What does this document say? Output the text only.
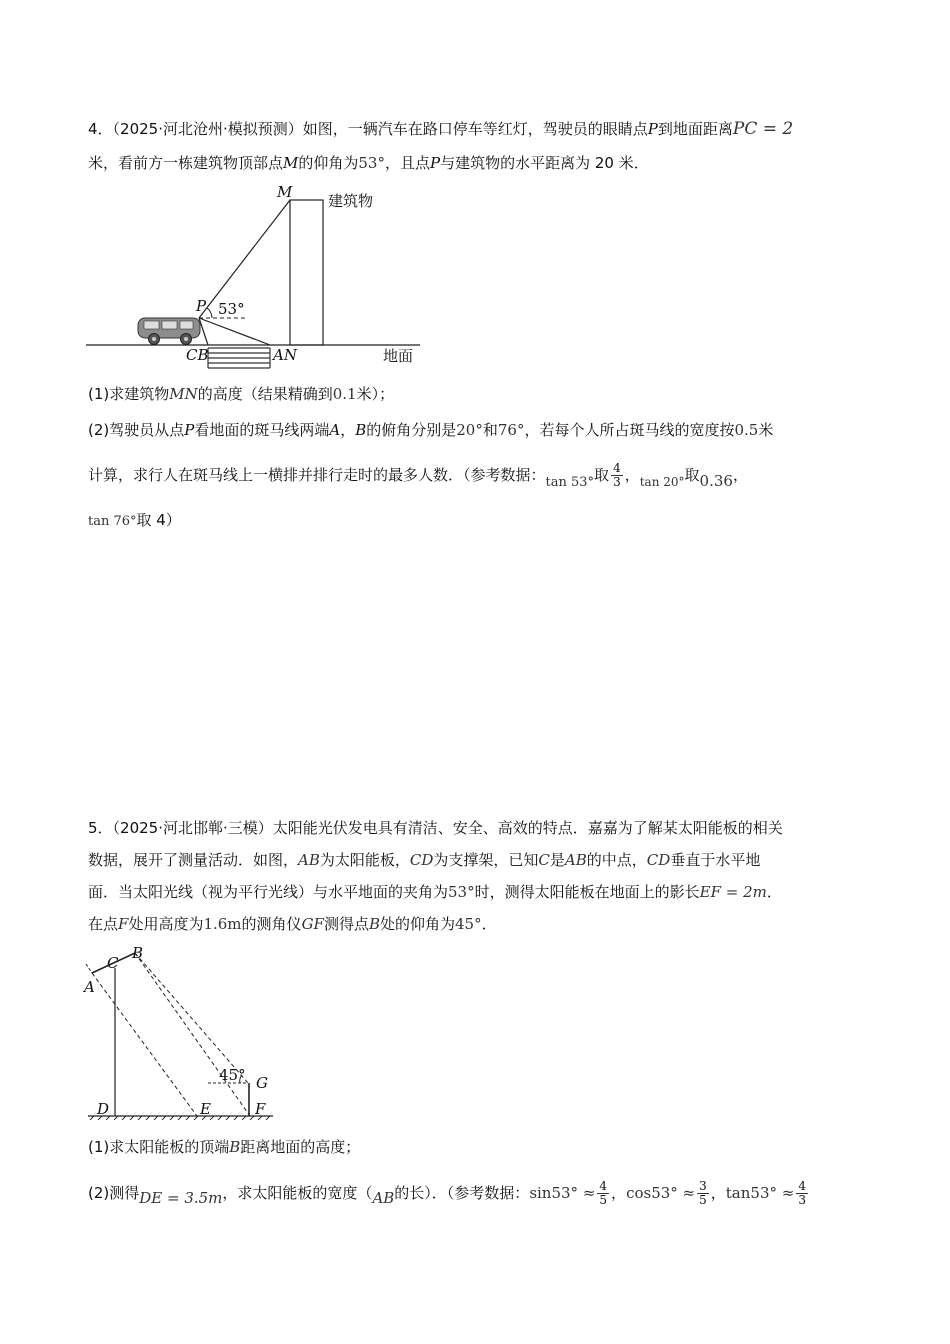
4．（2025·河北沧州·模拟预测）如图，一辆汽车在路口停车等红灯，驾驶员的眼睛点P到地面距离PC = 2
米，看前方一栋建筑物顶部点M的仰角为53°，且点P与建筑物的水平距离为 20 米．
M 建筑物
P 53°
CB	AN	地面
(1)求建筑物MN的高度（结果精确到0.1米）；
(2)驾驶员从点P看地面的斑马线两端A，B的俯角分别是20°和76°，若每个人所占斑马线的宽度按0.5米
计算，求行人在斑马线上一横排并排行走时的最多人数．（参考数据：tan 53°取 $\frac{4}{3}$ ，$_{tan 20^\circ}$取0.36，
tan 76°取 4）
5．（2025·河北邯郸·三模）太阳能光伏发电具有清洁、安全、高效的特点．嘉嘉为了解某太阳能板的相关
数据，展开了测量活动．如图，AB为太阳能板，CD为支撑架，已知C是AB的中点，CD垂直于水平地
面．当太阳光线（视为平行光线）与水平地面的夹角为53°时，测得太阳能板在地面上的影长EF = 2m．
在点F处用高度为1.6m的测角仪GF测得点B处的仰角为45°．
A
C
B
45° G
D	E	F
(1)求太阳能板的顶端B距离地面的高度；
(2)测得DE = 3.5m，求太阳能板的宽度（AB的长）．（参考数据：$\sin 53^\circ \approx \frac{4}{5}$ ，$\cos 53^\circ \approx \frac{3}{5}$ ，$\tan 53^\circ \approx \frac{4}{3}$
